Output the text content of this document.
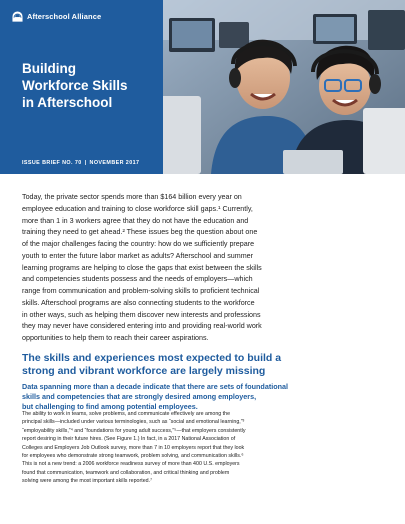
Afterschool Alliance
Building
Workforce Skills
in Afterschool
ISSUE BRIEF NO. 70 | NOVEMBER 2017
Today, the private sector spends more than $164 billion every year on
employee education and training to close workforce skill gaps.¹ Currently,
more than 1 in 3 workers agree that they do not have the education and
training they need to get ahead.² These issues beg the question about one
of the major challenges facing the country: how do we sufficiently prepare
youth to enter the future labor market as adults? Afterschool and summer
learning programs are helping to close the gaps that exist between the skills
and competencies students possess and the needs of employers—which
range from communication and problem-solving skills to proficient technical
skills. Afterschool programs are also connecting students to the workforce
in other ways, such as helping them discover new interests and professions
they may never have considered entering into and providing real-world work
opportunities to help them to reach their career aspirations.
The skills and experiences most expected to build a
strong and vibrant workforce are largely missing
Data spanning more than a decade indicate that there are sets of foundational
skills and competencies that are strongly desired among employers,
but challenging to find among potential employees.
The ability to work in teams, solve problems, and communicate effectively are among the
principal skills—included under various terminologies, such as “social and emotional learning,”³
“employability skills,”⁴ and “foundations for young adult success,”⁵—that employers consistently
report desiring in their future hires. (See Figure 1.) In fact, in a 2017 National Association of
Colleges and Employers Job Outlook survey, more than 7 in 10 employers report that they look
for employees who demonstrate strong teamwork, problem solving, and communication skills.⁶
This is not a new trend: a 2006 workforce readiness survey of more than 400 U.S. employers
found that communication, teamwork and collaboration, and critical thinking and problem
solving were among the most important skills reported.⁷
